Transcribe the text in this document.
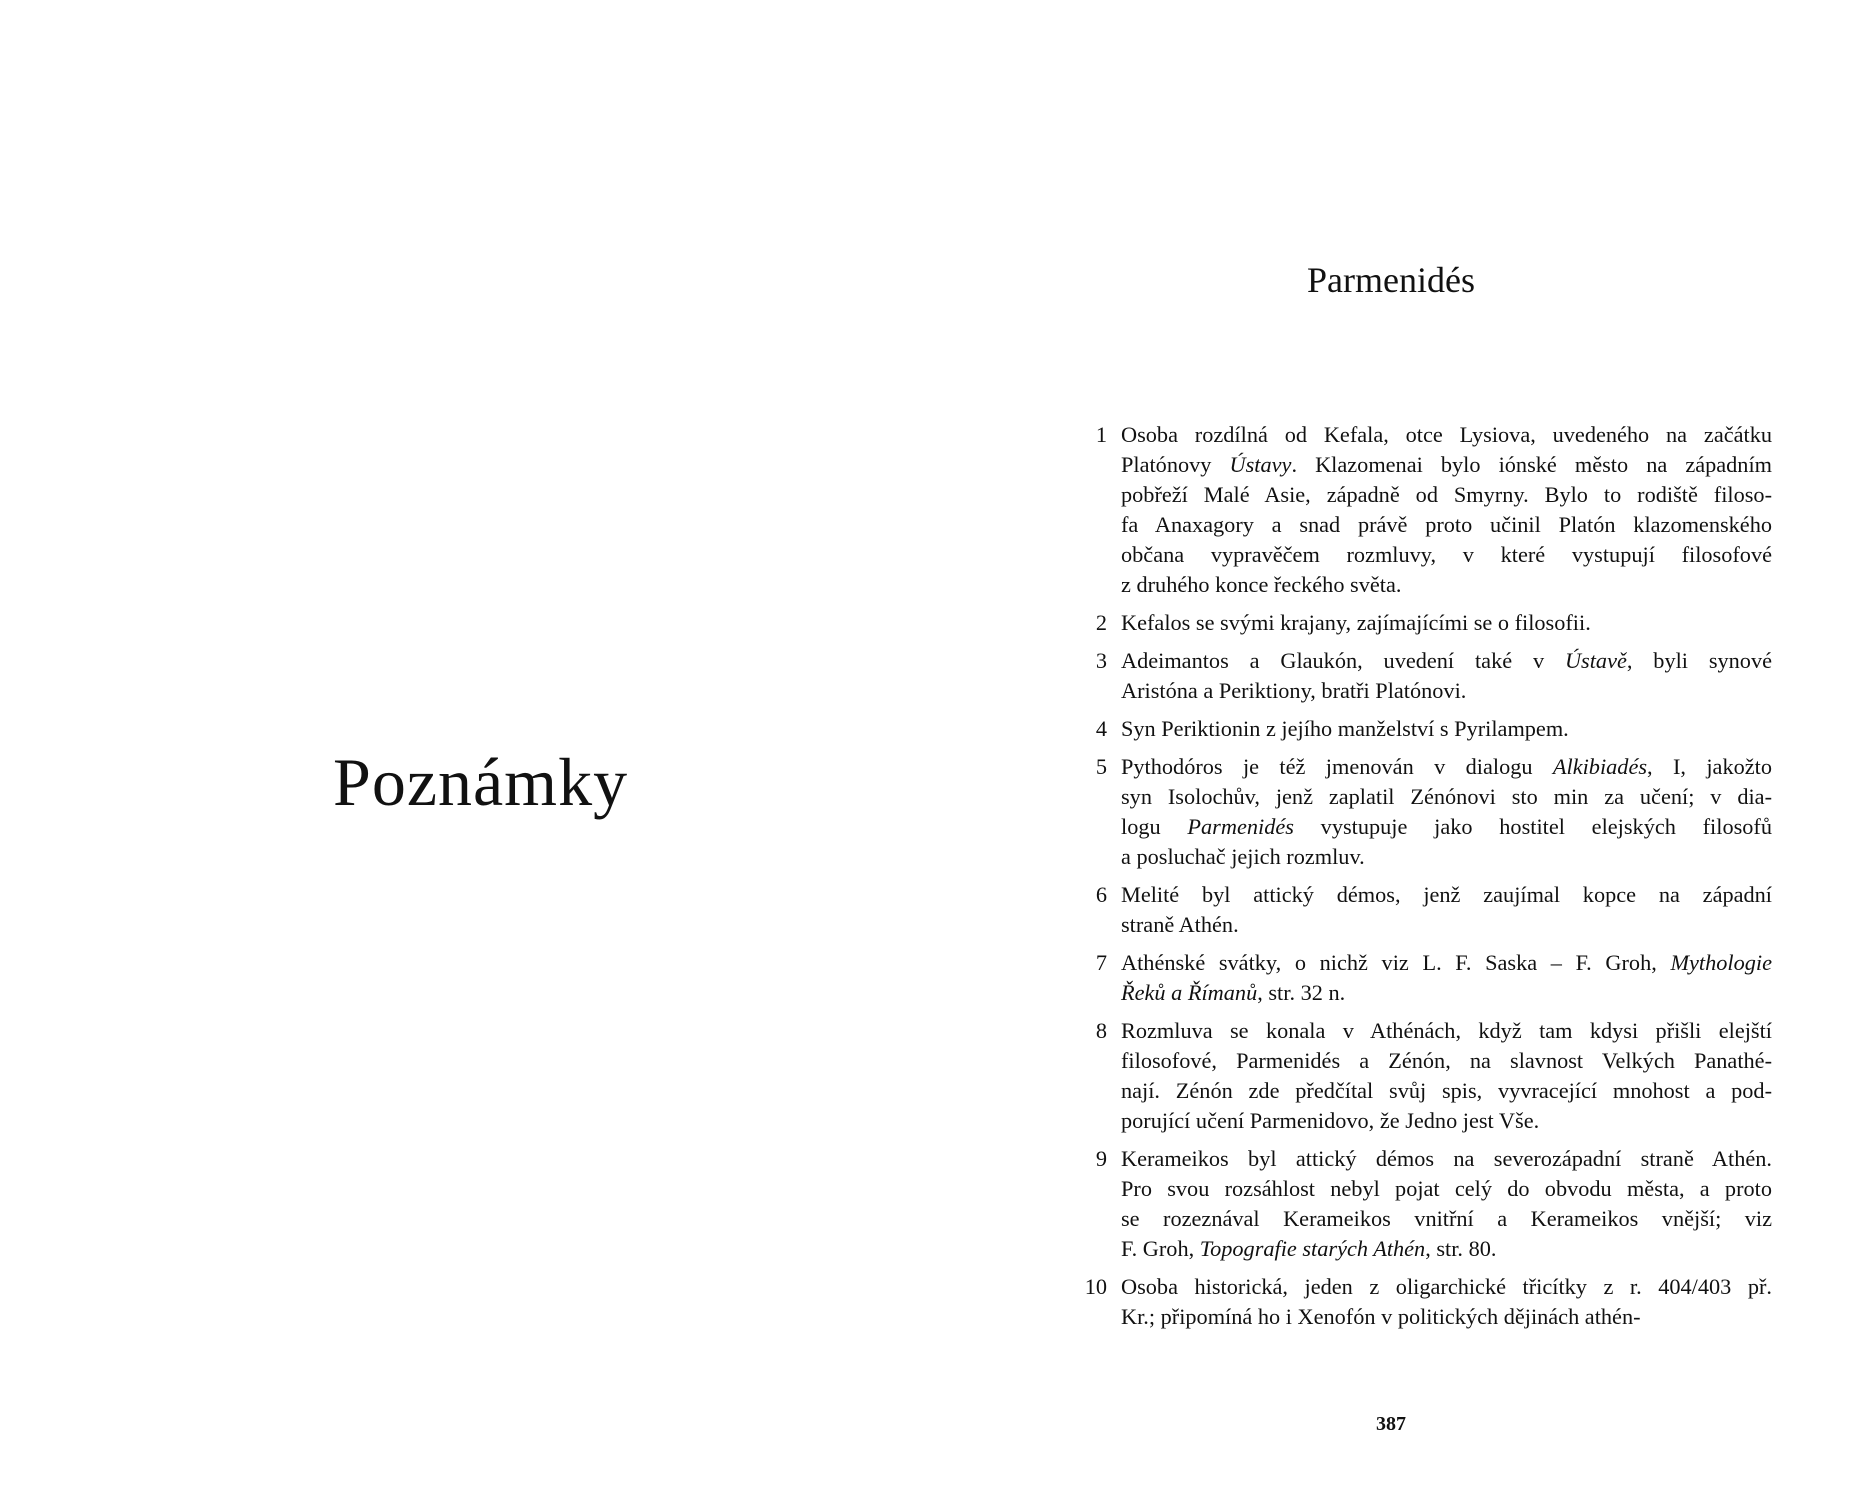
Poznámky
Parmenidés
1 Osoba rozdílná od Kefala, otce Lysiova, uvedeného na začátku
Platónovy Ústavy. Klazomenai bylo iónské město na západním
pobřeží Malé Asie, západně od Smyrny. Bylo to rodiště filoso-
fa Anaxagory a snad právě proto učinil Platón klazomenského
občana vypravěčem rozmluvy, v které vystupují filosofové
z druhého konce řeckého světa.
2 Kefalos se svými krajany, zajímajícími se o filosofii.
3 Adeimantos a Glaukón, uvedení také v Ústavě, byli synové
Aristóna a Periktiony, bratři Platónovi.
4 Syn Periktionin z jejího manželství s Pyrilampem.
5 Pythodóros je též jmenován v dialogu Alkibiadés, I, jakožto
syn Isolochův, jenž zaplatil Zénónovi sto min za učení; v dia-
logu Parmenidés vystupuje jako hostitel elejských filosofů
a posluchač jejich rozmluv.
6 Melité byl attický démos, jenž zaujímal kopce na západní
straně Athén.
7 Athénské svátky, o nichž viz L. F. Saska – F. Groh, Mythologie
Řeků a Římanů, str. 32 n.
8 Rozmluva se konala v Athénách, když tam kdysi přišli elejští
filosofové, Parmenidés a Zénón, na slavnost Velkých Panathé-
nají. Zénón zde předčítal svůj spis, vyvracející mnohost a pod-
porující učení Parmenidovo, že Jedno jest Vše.
9 Kerameikos byl attický démos na severozápadní straně Athén.
Pro svou rozsáhlost nebyl pojat celý do obvodu města, a proto
se rozeznával Kerameikos vnitřní a Kerameikos vnější; viz
F. Groh, Topografie starých Athén, str. 80.
10 Osoba historická, jeden z oligarchické třicítky z r. 404/403 př.
Kr.; připomíná ho i Xenofón v politických dějinách athén-
387
